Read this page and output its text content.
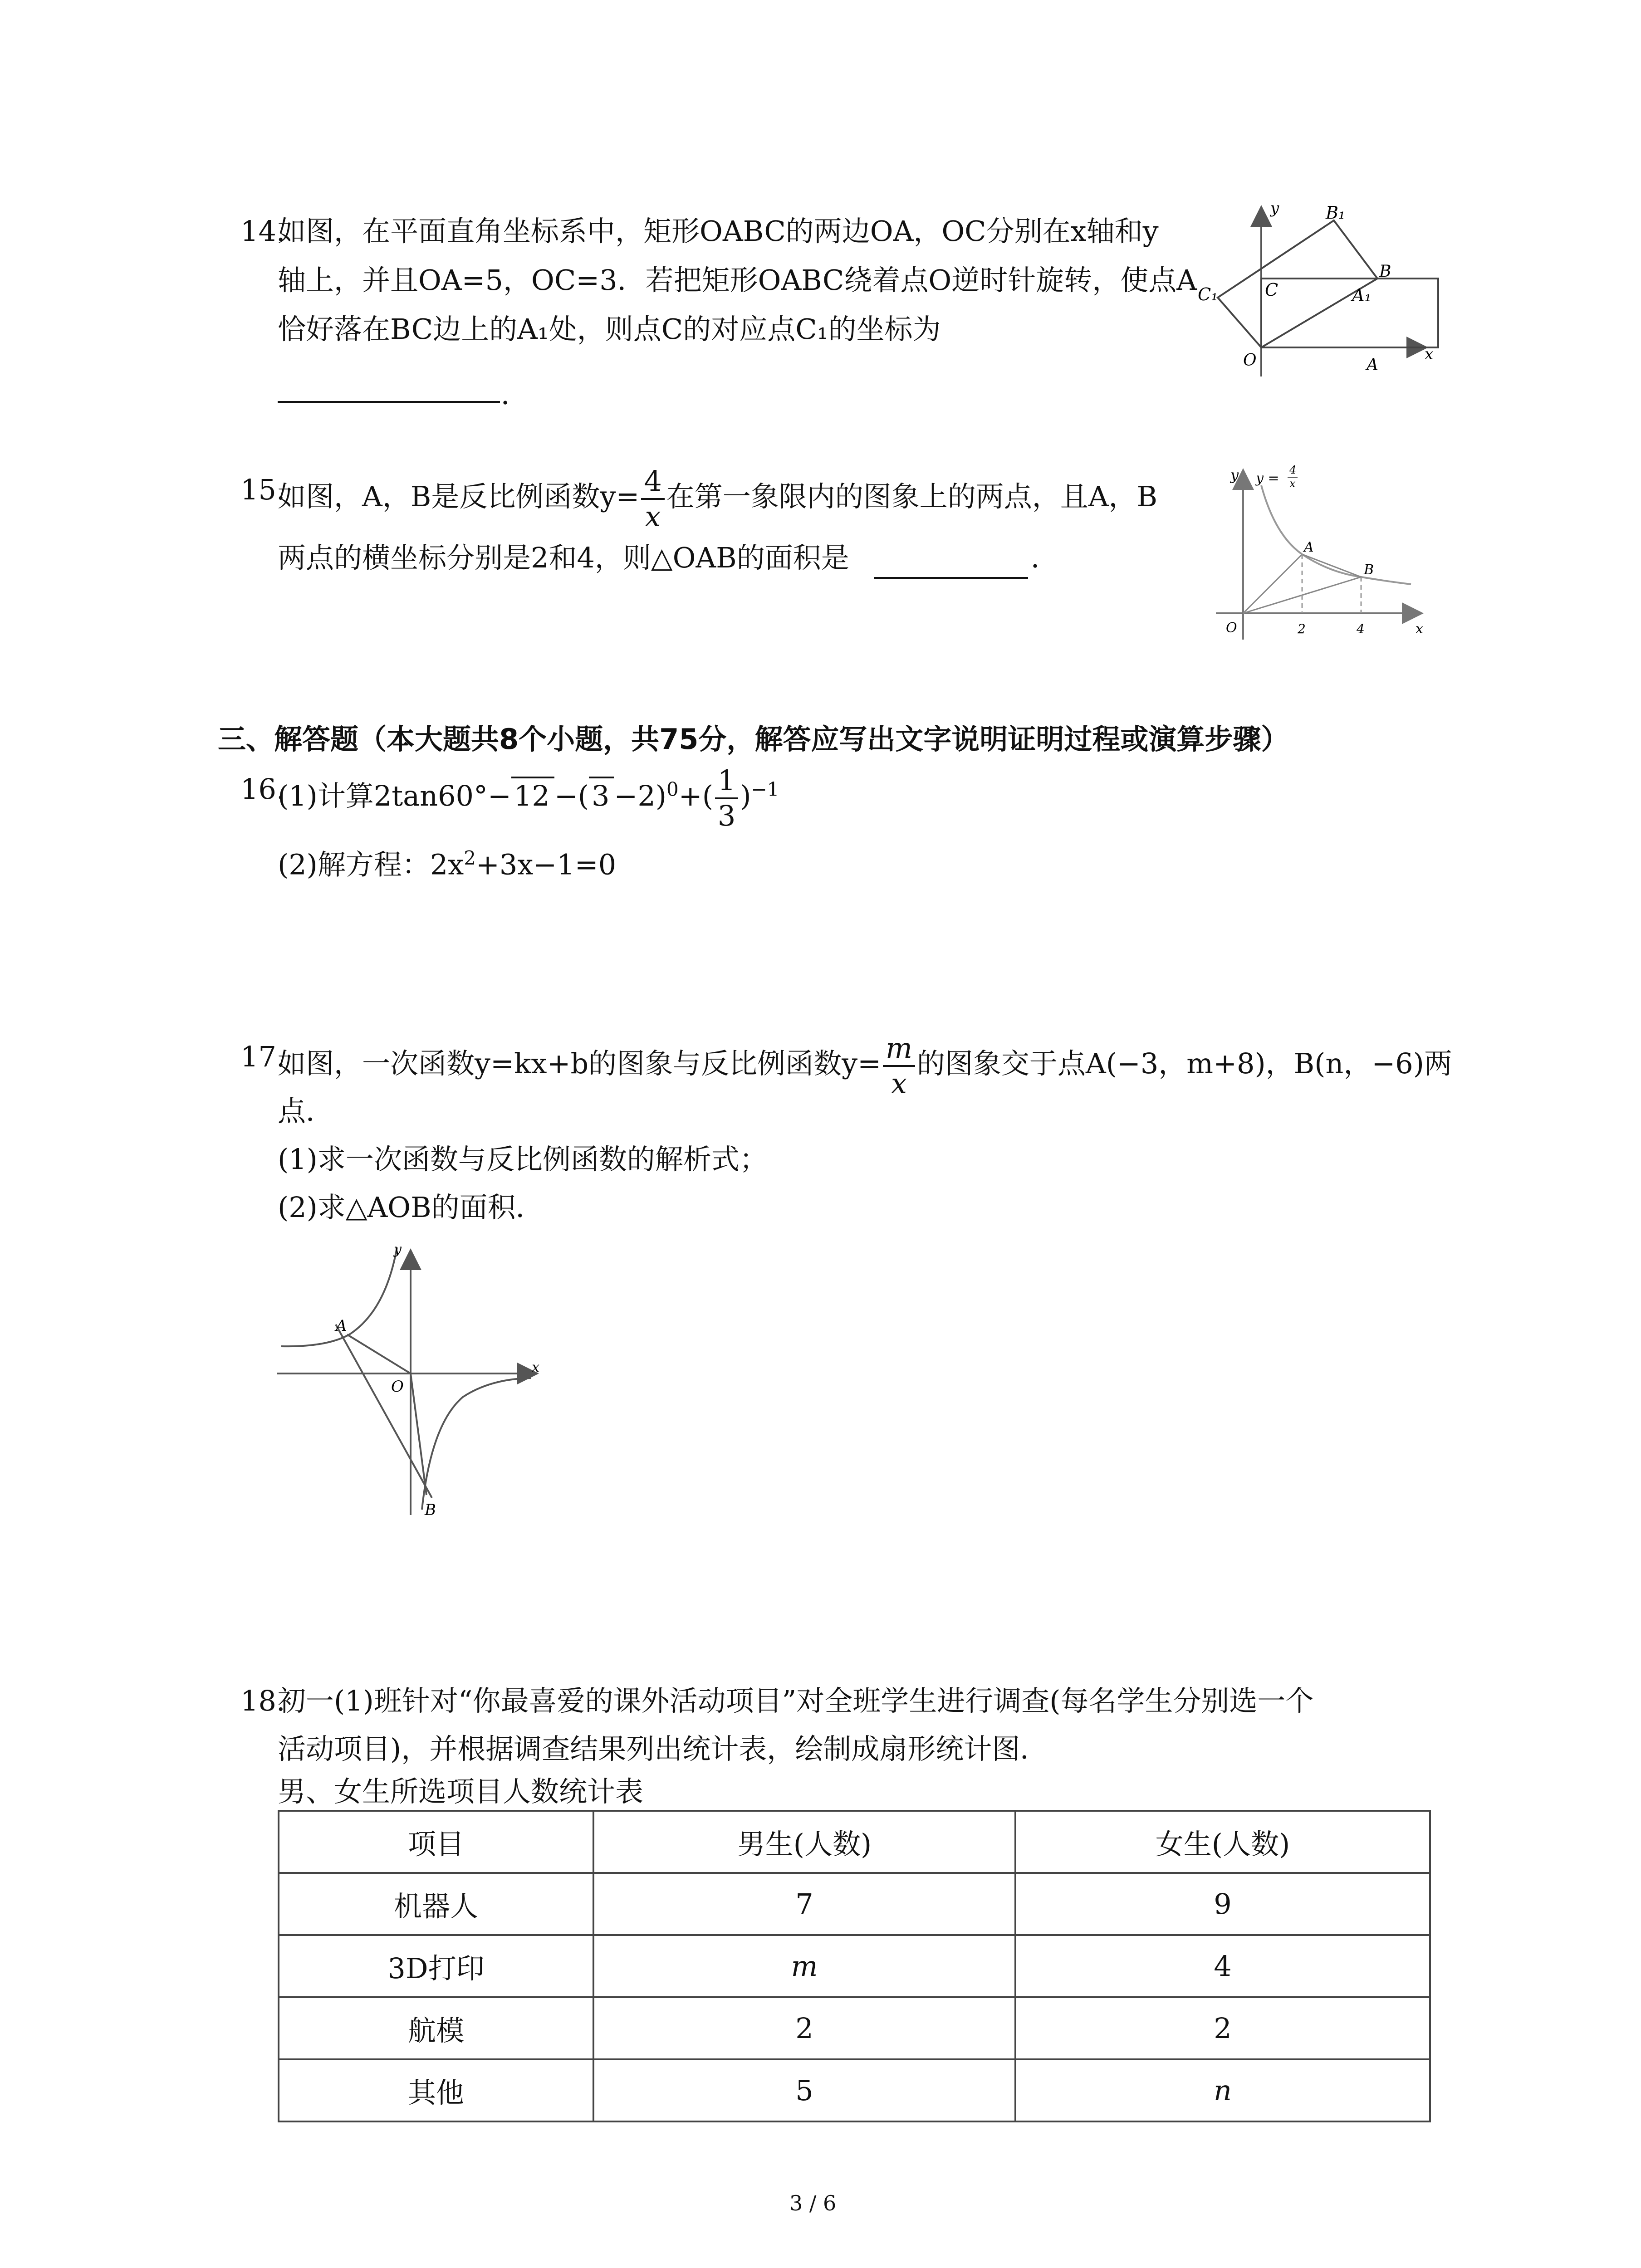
14.
如图，在平面直角坐标系中，矩形OABC的两边OA，OC分别在x轴和y
轴上，并且OA=5，OC=3．若把矩形OABC绕着点O逆时针旋转，使点A
恰好落在BC边上的A₁处，则点C的对应点C₁的坐标为
．
y	B₁
B
C₁	C	A₁
O	A
x
15.
如图，A，B是反比例函数$y= \frac{4}{x}$ 在第一象限内的图象上的两点，且A，B
两点的横坐标分别是2和4，则△OAB的面积是	．
y y =
4
x
A
B
O	2	4	x
三、解答题（本大题共8个小题，共75分，解答应写出文字说明证明过程或演算步骤）
16.
(1)计算$2\tan 60^\circ-12 -(3 -2)^0+( \frac{1}{3} )^{-1}$
(2)解方程：$2x^2+3x-1=0$
17.
如图，一次函数y=kx+b的图象与反比例函数$y= \frac{m}{x}$ 的图象交于点A(−3，m+8)，B(n，−6)两
点．
(1)求一次函数与反比例函数的解析式；
(2)求△AOB的面积．
y
A
O
x
B
18.
初一(1)班针对“你最喜爱的课外活动项目”对全班学生进行调查(每名学生分别选一个
活动项目)，并根据调查结果列出统计表，绘制成扇形统计图．
男、女生所选项目人数统计表
项目	男生(人数)	女生(人数)
机器人	7	9
3D打印	m	4
航模	2	2
其他	5	n
3 / 6
